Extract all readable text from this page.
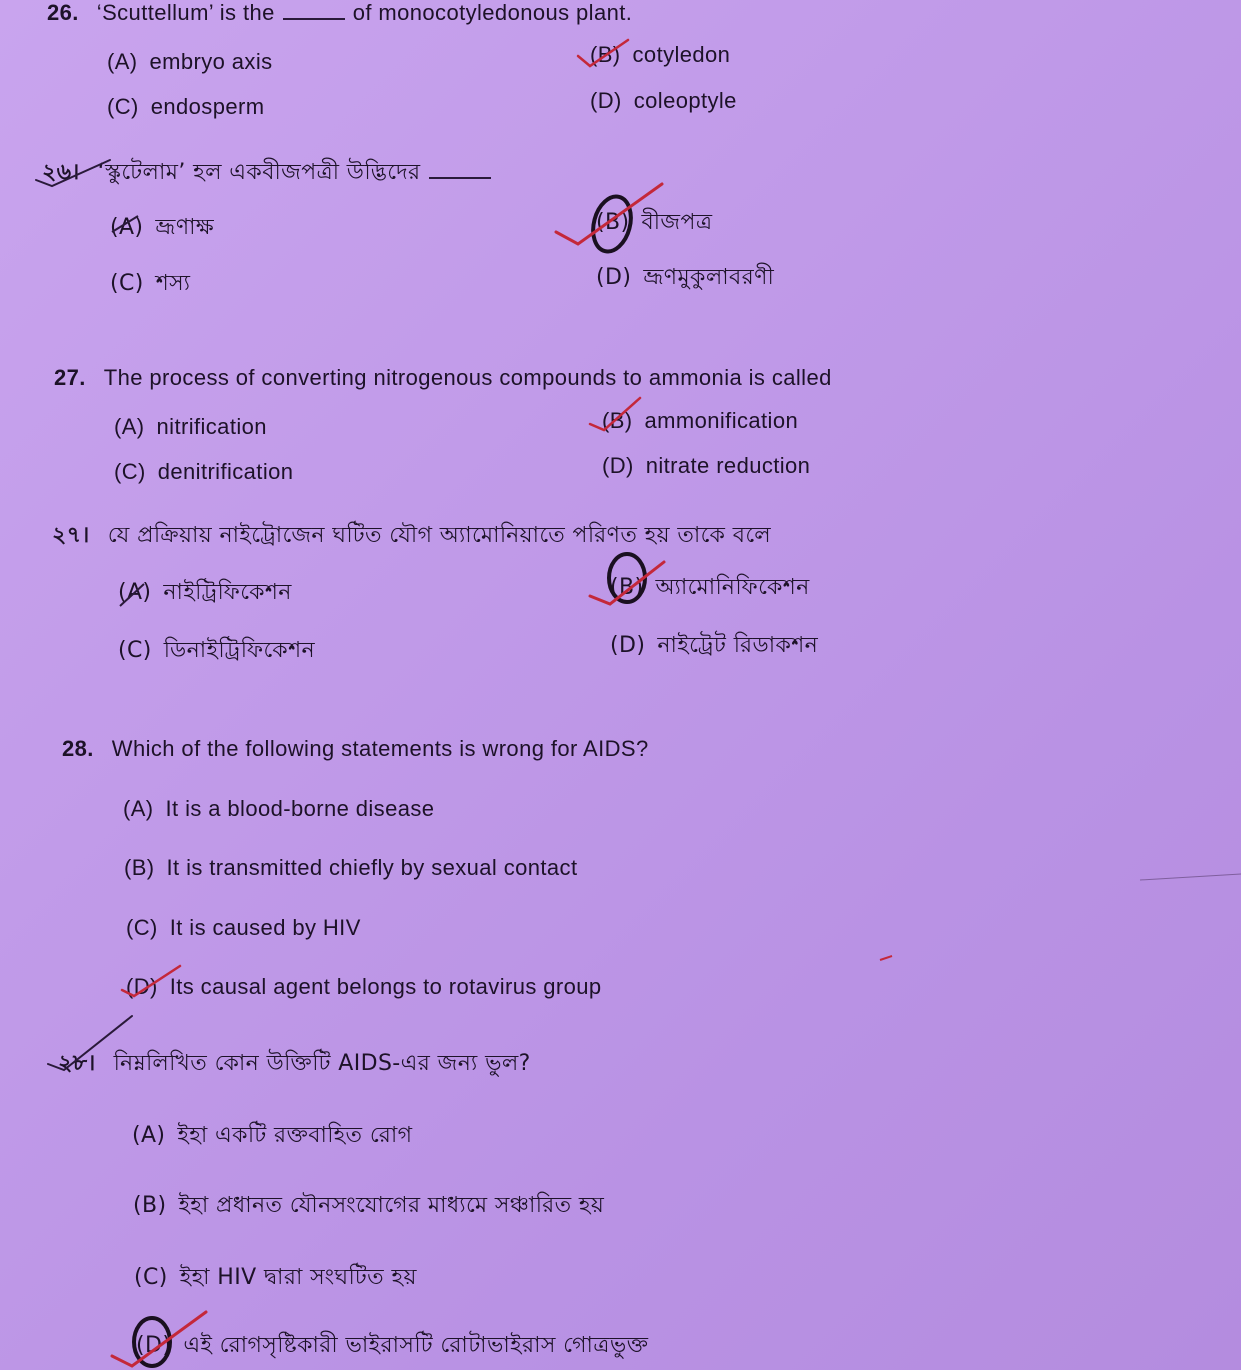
26. ‘Scuttellum’ is the	of monocotyledonous plant.
(A) embryo axis	(B) cotyledon
(C) endosperm	(D) coleoptyle
২৬। ‘স্কুটেলাম’ হল একবীজপত্রী উদ্ভিদের
(A) ভ্রূণাক্ষ	(B) বীজপত্র
(C) শস্য	(D) ভ্রূণমুকুলাবরণী
27. The process of converting nitrogenous compounds to ammonia is called
(A) nitrification	(B) ammonification
(C) denitrification	(D) nitrate reduction
২৭। যে প্রক্রিয়ায় নাইট্রোজেন ঘটিত যৌগ অ্যামোনিয়াতে পরিণত হয় তাকে বলে
(A) নাইট্রিফিকেশন	(B) অ্যামোনিফিকেশন
(C) ডিনাইট্রিফিকেশন	(D) নাইট্রেট রিডাকশন
28. Which of the following statements is wrong for AIDS?
(A) It is a blood-borne disease
(B) It is transmitted chiefly by sexual contact
(C) It is caused by HIV
(D) Its causal agent belongs to rotavirus group
২৮। নিম্নলিখিত কোন উক্তিটি AIDS-এর জন্য ভুল?
(A) ইহা একটি রক্তবাহিত রোগ
(B) ইহা প্রধানত যৌনসংযোগের মাধ্যমে সঞ্চারিত হয়
(C) ইহা HIV দ্বারা সংঘটিত হয়
(D) এই রোগসৃষ্টিকারী ভাইরাসটি রোটাভাইরাস গোত্রভুক্ত
